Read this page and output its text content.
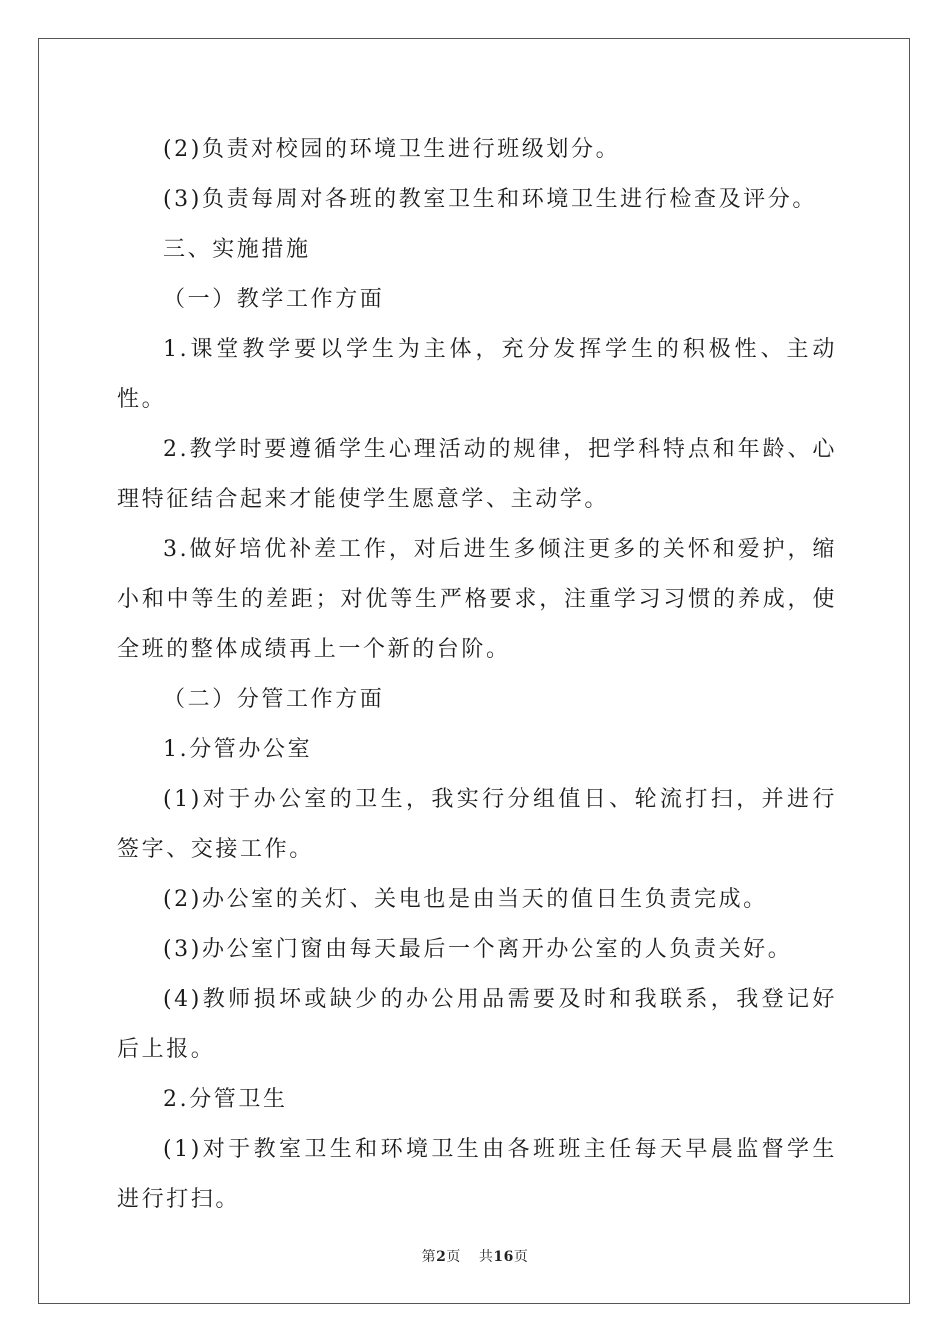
(2)负责对校园的环境卫生进行班级划分。

(3)负责每周对各班的教室卫生和环境卫生进行检查及评分。

三、实施措施

（一）教学工作方面

1.课堂教学要以学生为主体，充分发挥学生的积极性、主动性。

2.教学时要遵循学生心理活动的规律，把学科特点和年龄、心理特征结合起来才能使学生愿意学、主动学。

3.做好培优补差工作，对后进生多倾注更多的关怀和爱护，缩小和中等生的差距；对优等生严格要求，注重学习习惯的养成，使全班的整体成绩再上一个新的台阶。

（二）分管工作方面

1.分管办公室

(1)对于办公室的卫生，我实行分组值日、轮流打扫，并进行签字、交接工作。

(2)办公室的关灯、关电也是由当天的值日生负责完成。

(3)办公室门窗由每天最后一个离开办公室的人负责关好。

(4)教师损坏或缺少的办公用品需要及时和我联系，我登记好后上报。

2.分管卫生

(1)对于教室卫生和环境卫生由各班班主任每天早晨监督学生进行打扫。

第2页 共16页
